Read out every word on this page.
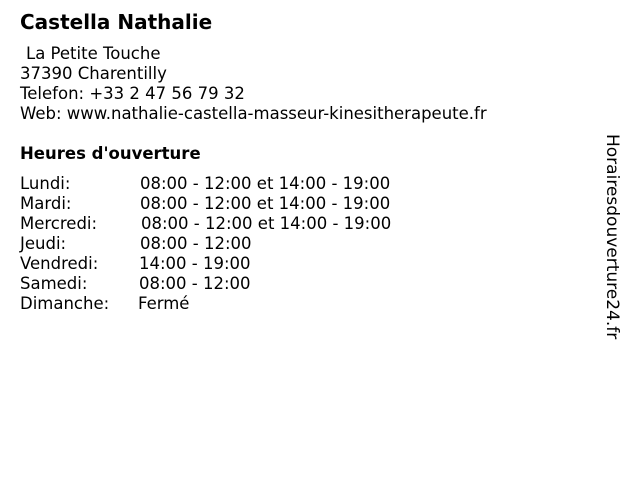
Castella Nathalie
La Petite Touche
37390 Charentilly
Telefon: +33 2 47 56 79 32
Web: www.nathalie-castella-masseur-kinesitherapeute.fr
Heures d'ouverture
Lundi:	08:00 - 12:00 et 14:00 - 19:00
Mardi:	08:00 - 12:00 et 14:00 - 19:00
Mercredi:	08:00 - 12:00 et 14:00 - 19:00
Jeudi:	08:00 - 12:00
Vendredi: 14:00 - 19:00
Samedi:	08:00 - 12:00
Dimanche: Fermé	Horairesdouverture24.fr
